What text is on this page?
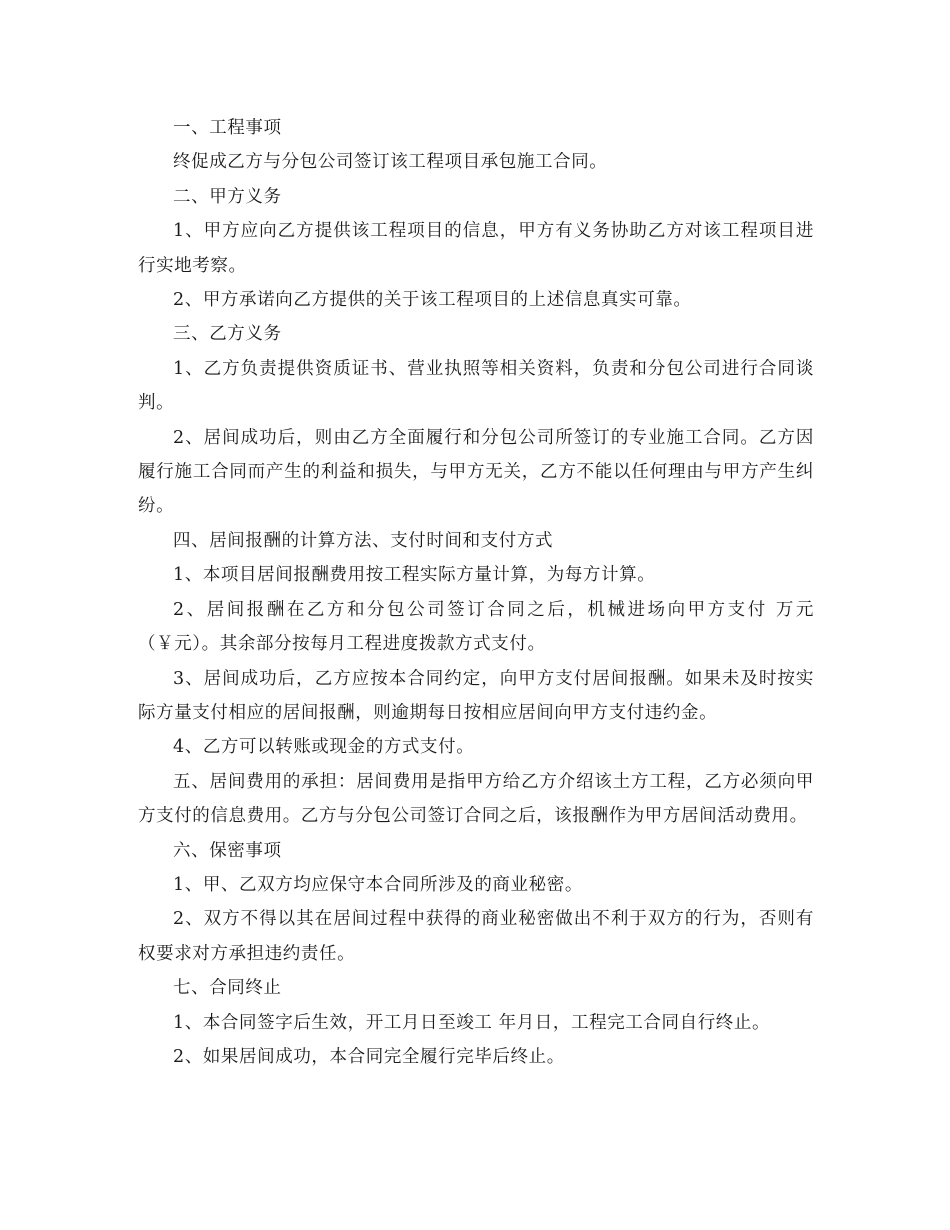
一、工程事项

终促成乙方与分包公司签订该工程项目承包施工合同。

二、甲方义务

1、甲方应向乙方提供该工程项目的信息，甲方有义务协助乙方对该工程项目进行实地考察。

2、甲方承诺向乙方提供的关于该工程项目的上述信息真实可靠。

三、乙方义务

1、乙方负责提供资质证书、营业执照等相关资料，负责和分包公司进行合同谈判。

2、居间成功后，则由乙方全面履行和分包公司所签订的专业施工合同。乙方因履行施工合同而产生的利益和损失，与甲方无关，乙方不能以任何理由与甲方产生纠纷。

四、居间报酬的计算方法、支付时间和支付方式

1、本项目居间报酬费用按工程实际方量计算，为每方计算。

2、居间报酬在乙方和分包公司签订合同之后，机械进场向甲方支付 万元（￥元）。其余部分按每月工程进度拨款方式支付。

3、居间成功后，乙方应按本合同约定，向甲方支付居间报酬。如果未及时按实际方量支付相应的居间报酬，则逾期每日按相应居间向甲方支付违约金。

4、乙方可以转账或现金的方式支付。

五、居间费用的承担：居间费用是指甲方给乙方介绍该土方工程，乙方必须向甲方支付的信息费用。乙方与分包公司签订合同之后，该报酬作为甲方居间活动费用。

六、保密事项

1、甲、乙双方均应保守本合同所涉及的商业秘密。

2、双方不得以其在居间过程中获得的商业秘密做出不利于双方的行为，否则有权要求对方承担违约责任。

七、合同终止

1、本合同签字后生效，开工月日至竣工 年月日，工程完工合同自行终止。

2、如果居间成功，本合同完全履行完毕后终止。
